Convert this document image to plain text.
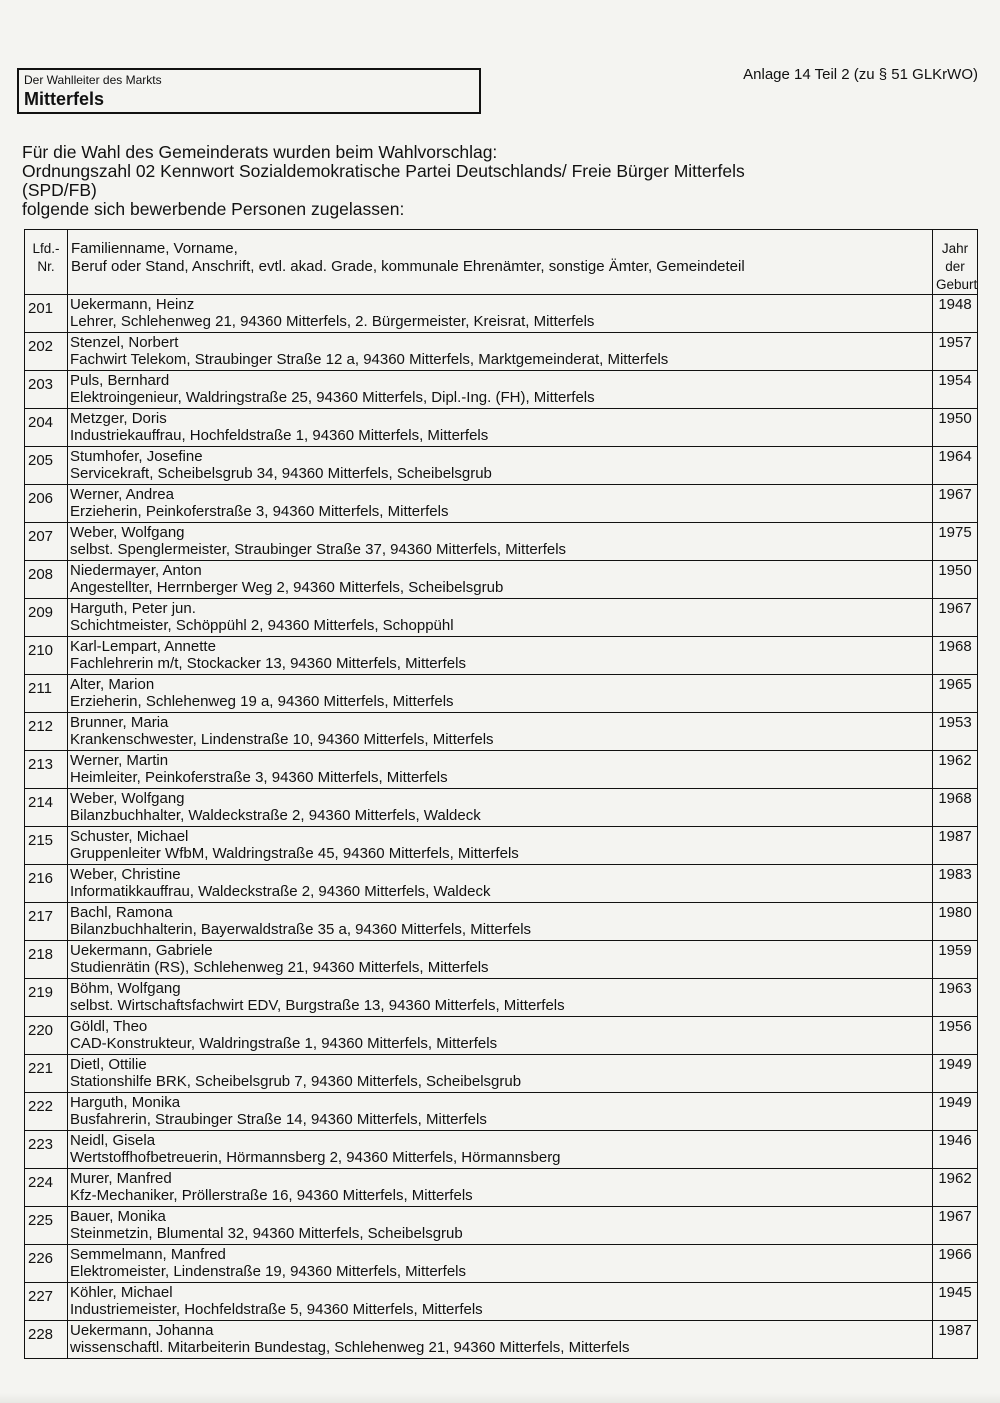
Der Wahlleiter des Markts
Mitterfels
Anlage 14 Teil 2 (zu § 51 GLKrWO)
Für die Wahl des Gemeinderats wurden beim Wahlvorschlag:
Ordnungszahl 02 Kennwort Sozialdemokratische Partei Deutschlands/ Freie Bürger Mitterfels
(SPD/FB)
folgende sich bewerbende Personen zugelassen:
Lfd.- Nr.	Familienname, Vorname,
Beruf oder Stand, Anschrift, evtl. akad. Grade, kommunale Ehrenämter, sonstige Ämter, Gemeindeteil	Jahr der Geburt
201	Uekermann, Heinz
Lehrer, Schlehenweg 21, 94360 Mitterfels, 2. Bürgermeister, Kreisrat, Mitterfels	1948
202	Stenzel, Norbert
Fachwirt Telekom, Straubinger Straße 12 a, 94360 Mitterfels, Marktgemeinderat, Mitterfels	1957
203	Puls, Bernhard
Elektroingenieur, Waldringstraße 25, 94360 Mitterfels, Dipl.-Ing. (FH), Mitterfels	1954
204	Metzger, Doris
Industriekauffrau, Hochfeldstraße 1, 94360 Mitterfels, Mitterfels	1950
205	Stumhofer, Josefine
Servicekraft, Scheibelsgrub 34, 94360 Mitterfels, Scheibelsgrub	1964
206	Werner, Andrea
Erzieherin, Peinkoferstraße 3, 94360 Mitterfels, Mitterfels	1967
207	Weber, Wolfgang
selbst. Spenglermeister, Straubinger Straße 37, 94360 Mitterfels, Mitterfels	1975
208	Niedermayer, Anton
Angestellter, Herrnberger Weg 2, 94360 Mitterfels, Scheibelsgrub	1950
209	Harguth, Peter jun.
Schichtmeister, Schöppühl 2, 94360 Mitterfels, Schoppühl	1967
210	Karl-Lempart, Annette
Fachlehrerin m/t, Stockacker 13, 94360 Mitterfels, Mitterfels	1968
211	Alter, Marion
Erzieherin, Schlehenweg 19 a, 94360 Mitterfels, Mitterfels	1965
212	Brunner, Maria
Krankenschwester, Lindenstraße 10, 94360 Mitterfels, Mitterfels	1953
213	Werner, Martin
Heimleiter, Peinkoferstraße 3, 94360 Mitterfels, Mitterfels	1962
214	Weber, Wolfgang
Bilanzbuchhalter, Waldeckstraße 2, 94360 Mitterfels, Waldeck	1968
215	Schuster, Michael
Gruppenleiter WfbM, Waldringstraße 45, 94360 Mitterfels, Mitterfels	1987
216	Weber, Christine
Informatikkauffrau, Waldeckstraße 2, 94360 Mitterfels, Waldeck	1983
217	Bachl, Ramona
Bilanzbuchhalterin, Bayerwaldstraße 35 a, 94360 Mitterfels, Mitterfels	1980
218	Uekermann, Gabriele
Studienrätin (RS), Schlehenweg 21, 94360 Mitterfels, Mitterfels	1959
219	Böhm, Wolfgang
selbst. Wirtschaftsfachwirt EDV, Burgstraße 13, 94360 Mitterfels, Mitterfels	1963
220	Göldl, Theo
CAD-Konstrukteur, Waldringstraße 1, 94360 Mitterfels, Mitterfels	1956
221	Dietl, Ottilie
Stationshilfe BRK, Scheibelsgrub 7, 94360 Mitterfels, Scheibelsgrub	1949
222	Harguth, Monika
Busfahrerin, Straubinger Straße 14, 94360 Mitterfels, Mitterfels	1949
223	Neidl, Gisela
Wertstoffhofbetreuerin, Hörmannsberg 2, 94360 Mitterfels, Hörmannsberg	1946
224	Murer, Manfred
Kfz-Mechaniker, Pröllerstraße 16, 94360 Mitterfels, Mitterfels	1962
225	Bauer, Monika
Steinmetzin, Blumental 32, 94360 Mitterfels, Scheibelsgrub	1967
226	Semmelmann, Manfred
Elektromeister, Lindenstraße 19, 94360 Mitterfels, Mitterfels	1966
227	Köhler, Michael
Industriemeister, Hochfeldstraße 5, 94360 Mitterfels, Mitterfels	1945
228	Uekermann, Johanna
wissenschaftl. Mitarbeiterin Bundestag, Schlehenweg 21, 94360 Mitterfels, Mitterfels	1987
